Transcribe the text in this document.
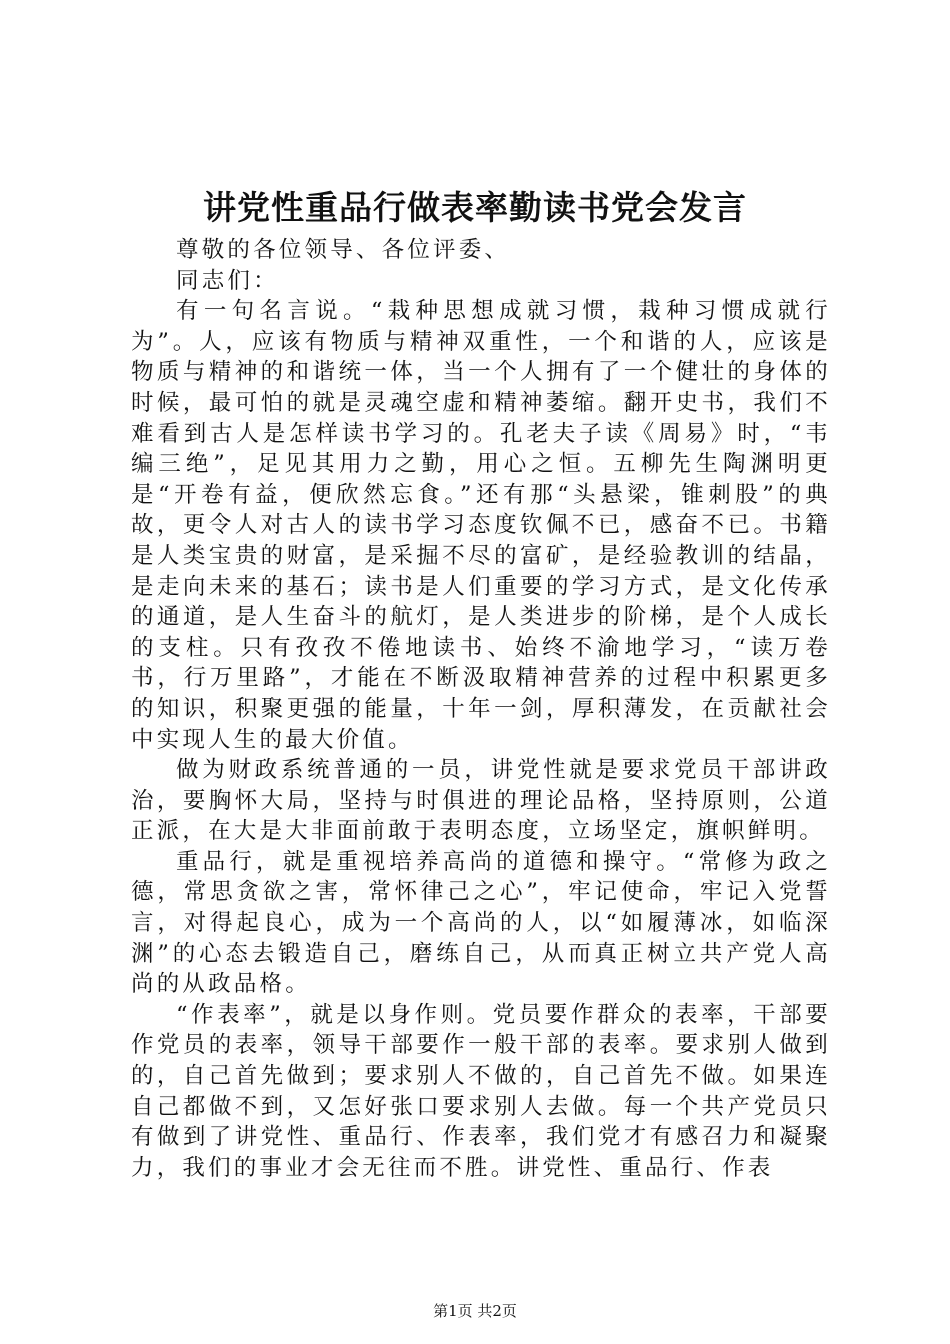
讲党性重品行做表率勤读书党会发言

尊敬的各位领导、各位评委、

同志们：

有一句名言说。“栽种思想成就习惯，栽种习惯成就行为”。人，应该有物质与精神双重性，一个和谐的人，应该是物质与精神的和谐统一体，当一个人拥有了一个健壮的身体的时候，最可怕的就是灵魂空虚和精神萎缩。翻开史书，我们不难看到古人是怎样读书学习的。孔老夫子读《周易》时，“韦编三绝”，足见其用力之勤，用心之恒。五柳先生陶渊明更是“开卷有益，便欣然忘食。”还有那“头悬梁，锥刺股”的典故，更令人对古人的读书学习态度钦佩不已，感奋不已。书籍是人类宝贵的财富，是采掘不尽的富矿，是经验教训的结晶，是走向未来的基石；读书是人们重要的学习方式，是文化传承的通道，是人生奋斗的航灯，是人类进步的阶梯，是个人成长的支柱。只有孜孜不倦地读书、始终不渝地学习，“读万卷书，行万里路”，才能在不断汲取精神营养的过程中积累更多的知识，积聚更强的能量，十年一剑，厚积薄发，在贡献社会中实现人生的最大价值。

做为财政系统普通的一员，讲党性就是要求党员干部讲政治，要胸怀大局，坚持与时俱进的理论品格，坚持原则，公道正派，在大是大非面前敢于表明态度，立场坚定，旗帜鲜明。

重品行，就是重视培养高尚的道德和操守。“常修为政之德，常思贪欲之害，常怀律己之心”，牢记使命，牢记入党誓言，对得起良心，成为一个高尚的人，以“如履薄冰，如临深渊”的心态去锻造自己，磨练自己，从而真正树立共产党人高尚的从政品格。

“作表率”，就是以身作则。党员要作群众的表率，干部要作党员的表率，领导干部要作一般干部的表率。要求别人做到的，自己首先做到；要求别人不做的，自己首先不做。如果连自己都做不到，又怎好张口要求别人去做。每一个共产党员只有做到了讲党性、重品行、作表率，我们党才有感召力和凝聚力，我们的事业才会无往而不胜。讲党性、重品行、作表

第1页 共2页
